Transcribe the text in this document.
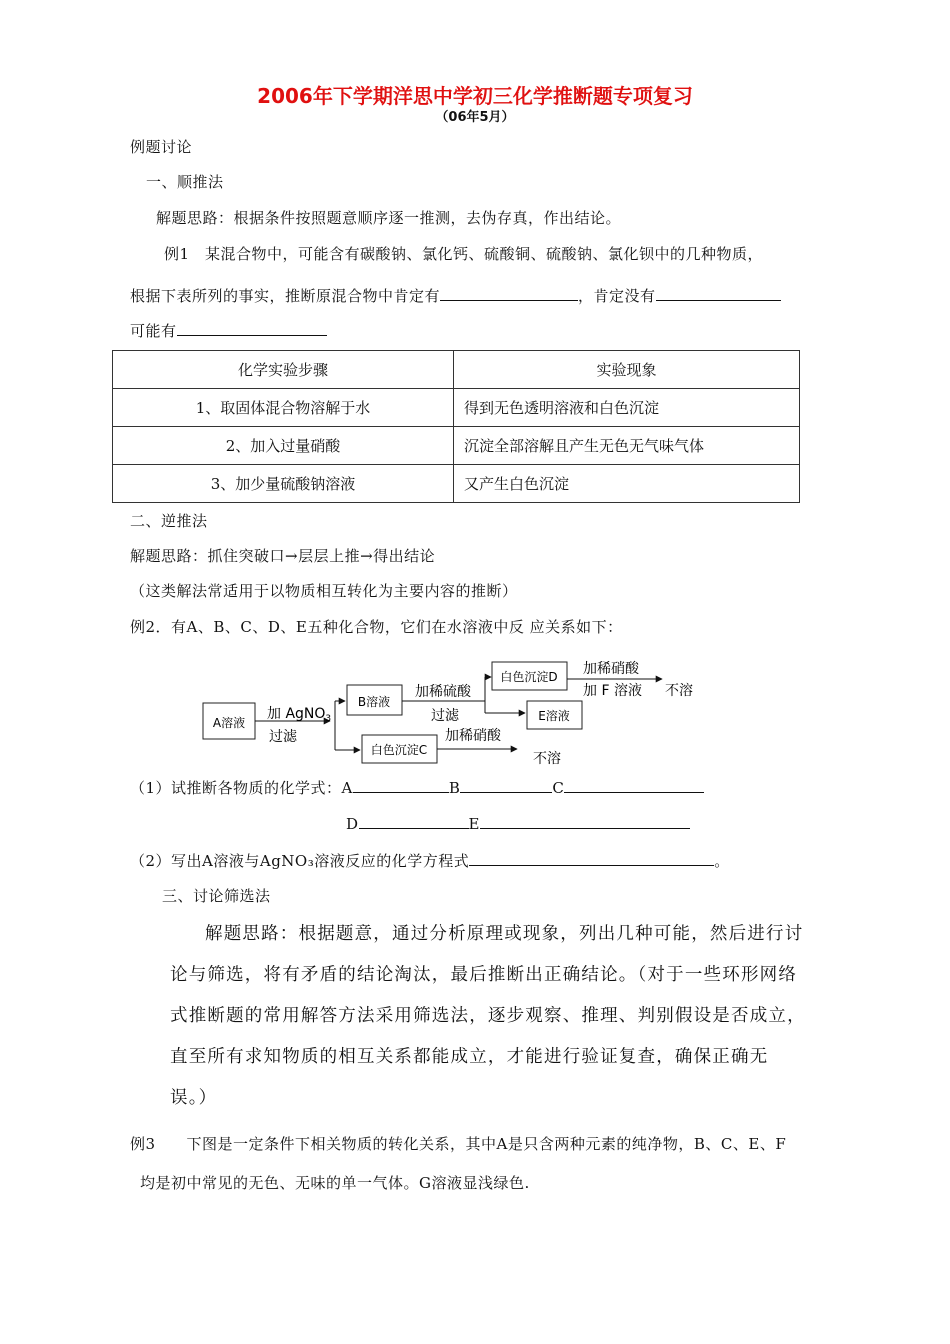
2006年下学期洋思中学初三化学推断题专项复习
（06年5月）
例题讨论
一、顺推法
解题思路：根据条件按照题意顺序逐一推测，去伪存真，作出结论。
例1　某混合物中，可能含有碳酸钠、氯化钙、硫酸铜、硫酸钠、氯化钡中的几种物质，
根据下表所列的事实，推断原混合物中肯定有	，肯定没有
可能有
化学实验步骤	实验现象
1、取固体混合物溶解于水	得到无色透明溶液和白色沉淀
2、加入过量硝酸	沉淀全部溶解且产生无色无气味气体
3、加少量硫酸钠溶液	又产生白色沉淀
二、逆推法
解题思路：抓住突破口→层层上推→得出结论
（这类解法常适用于以物质相互转化为主要内容的推断）
例2．有A、B、C、D、E五种化合物，它们在水溶液中反 应关系如下：
A溶液
加 AgNO$_3$
过滤
B溶液
白色沉淀C
加稀硫酸
过滤
白色沉淀D
E溶液
加稀硝酸
加 F 溶液 不溶
加稀硝酸
不溶
（1）试推断各物质的化学式：A	B	C
D	E
（2）写出A溶液与AgNO₃溶液反应的化学方程式	。
三、讨论筛选法
解题思路：根据题意，通过分析原理或现象，列出几种可能，然后进行讨
论与筛选，将有矛盾的结论淘汰，最后推断出正确结论。（对于一些环形网络
式推断题的常用解答方法采用筛选法，逐步观察、推理、判别假设是否成立，
直至所有求知物质的相互关系都能成立，才能进行验证复查，确保正确无
误。）
例3　　下图是一定条件下相关物质的转化关系，其中A是只含两种元素的纯净物，B、C、E、F
均是初中常见的无色、无味的单一气体。G溶液显浅绿色.
